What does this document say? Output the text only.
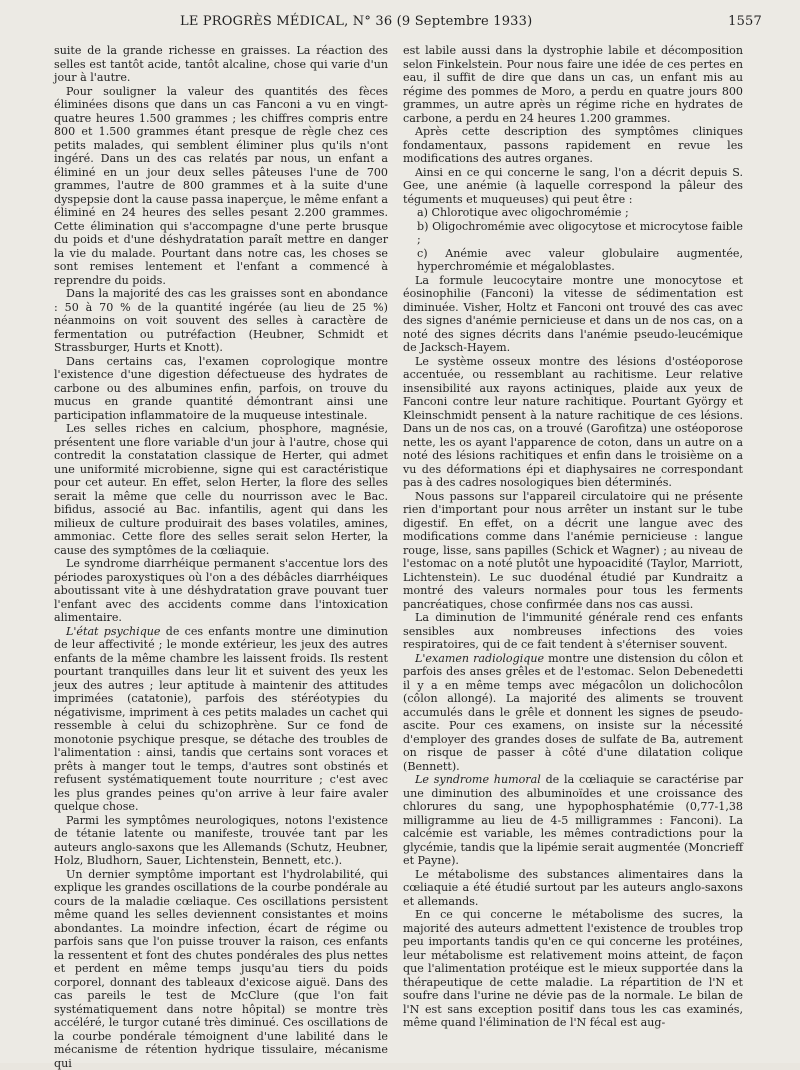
LE PROGRÈS MÉDICAL, N° 36 (9 Septembre 1933)	1557

suite de la grande richesse en graisses. La réaction des selles est tantôt acide, tantôt alcaline, chose qui varie d'un jour à l'autre.

Pour souligner la valeur des quantités des fèces éliminées disons que dans un cas Fanconi a vu en vingt-quatre heures 1.500 grammes ; les chiffres compris entre 800 et 1.500 grammes étant presque de règle chez ces petits malades, qui semblent éliminer plus qu'ils n'ont ingéré. Dans un des cas relatés par nous, un enfant a éliminé en un jour deux selles pâteuses l'une de 700 grammes, l'autre de 800 grammes et à la suite d'une dyspepsie dont la cause passa inaperçue, le même enfant a éliminé en 24 heures des selles pesant 2.200 grammes. Cette élimination qui s'accompagne d'une perte brusque du poids et d'une déshydratation paraît mettre en danger la vie du malade. Pourtant dans notre cas, les choses se sont remises lentement et l'enfant a commencé à reprendre du poids.

Dans la majorité des cas les graisses sont en abondance : 50 à 70 % de la quantité ingérée (au lieu de 25 %) néanmoins on voit souvent des selles à caractère de fermentation ou putréfaction (Heubner, Schmidt et Strassburger, Hurts et Knott).

Dans certains cas, l'examen coprologique montre l'existence d'une digestion défectueuse des hydrates de carbone ou des albumines enfin, parfois, on trouve du mucus en grande quantité démontrant ainsi une participation inflammatoire de la muqueuse intestinale.

Les selles riches en calcium, phosphore, magnésie, présentent une flore variable d'un jour à l'autre, chose qui contredit la constatation classique de Herter, qui admet une uniformité microbienne, signe qui est caractéristique pour cet auteur. En effet, selon Herter, la flore des selles serait la même que celle du nourrisson avec le Bac. bifidus, associé au Bac. infantilis, agent qui dans les milieux de culture produirait des bases volatiles, amines, ammoniac. Cette flore des selles serait selon Herter, la cause des symptômes de la cœliaquie.

Le syndrome diarrhéique permanent s'accentue lors des périodes paroxystiques où l'on a des débâcles diarrhéiques aboutissant vite à une déshydratation grave pouvant tuer l'enfant avec des accidents comme dans l'intoxication alimentaire.

L'état psychique de ces enfants montre une diminution de leur affectivité ; le monde extérieur, les jeux des autres enfants de la même chambre les laissent froids. Ils restent pourtant tranquilles dans leur lit et suivent des yeux les jeux des autres ; leur aptitude à maintenir des attitudes imprimées (catatonie), parfois des stéréotypies du négativisme, impriment à ces petits malades un cachet qui ressemble à celui du schizophrène. Sur ce fond de monotonie psychique presque, se détache des troubles de l'alimentation : ainsi, tandis que certains sont voraces et prêts à manger tout le temps, d'autres sont obstinés et refusent systématiquement toute nourriture ; c'est avec les plus grandes peines qu'on arrive à leur faire avaler quelque chose.

Parmi les symptômes neurologiques, notons l'existence de tétanie latente ou manifeste, trouvée tant par les auteurs anglo-saxons que les Allemands (Schutz, Heubner, Holz, Bludhorn, Sauer, Lichtenstein, Bennett, etc.).

Un dernier symptôme important est l'hydrolabilité, qui explique les grandes oscillations de la courbe pondérale au cours de la maladie cœliaque. Ces oscillations persistent même quand les selles deviennent consistantes et moins abondantes. La moindre infection, écart de régime ou parfois sans que l'on puisse trouver la raison, ces enfants la ressentent et font des chutes pondérales des plus nettes et perdent en même temps jusqu'au tiers du poids corporel, donnant des tableaux d'exicose aiguë. Dans des cas pareils le test de McClure (que l'on fait systématiquement dans notre hôpital) se montre très accéléré, le turgor cutané très diminué. Ces oscillations de la courbe pondérale témoignent d'une labilité dans le mécanisme de rétention hydrique tissulaire, mécanisme qui

est labile aussi dans la dystrophie labile et décomposition selon Finkelstein. Pour nous faire une idée de ces pertes en eau, il suffit de dire que dans un cas, un enfant mis au régime des pommes de Moro, a perdu en quatre jours 800 grammes, un autre après un régime riche en hydrates de carbone, a perdu en 24 heures 1.200 grammes.

Après cette description des symptômes cliniques fondamentaux, passons rapidement en revue les modifications des autres organes.

Ainsi en ce qui concerne le sang, l'on a décrit depuis S. Gee, une anémie (à laquelle correspond la pâleur des téguments et muqueuses) qui peut être :

a) Chlorotique avec oligochromémie ;

b) Oligochromémie avec oligocytose et microcytose faible ;

c) Anémie avec valeur globulaire augmentée, hyperchromémie et mégaloblastes.

La formule leucocytaire montre une monocytose et éosinophilie (Fanconi) la vitesse de sédimentation est diminuée. Visher, Holtz et Fanconi ont trouvé des cas avec des signes d'anémie pernicieuse et dans un de nos cas, on a noté des signes décrits dans l'anémie pseudo-leucémique de Jacksch-Hayem.

Le système osseux montre des lésions d'ostéoporose accentuée, ou ressemblant au rachitisme. Leur relative insensibilité aux rayons actiniques, plaide aux yeux de Fanconi contre leur nature rachitique. Pourtant György et Kleinschmidt pensent à la nature rachitique de ces lésions. Dans un de nos cas, on a trouvé (Garofitza) une ostéoporose nette, les os ayant l'apparence de coton, dans un autre on a noté des lésions rachitiques et enfin dans le troisième on a vu des déformations épi et diaphysaires ne correspondant pas à des cadres nosologiques bien déterminés.

Nous passons sur l'appareil circulatoire qui ne présente rien d'important pour nous arrêter un instant sur le tube digestif. En effet, on a décrit une langue avec des modifications comme dans l'anémie pernicieuse : langue rouge, lisse, sans papilles (Schick et Wagner) ; au niveau de l'estomac on a noté plutôt une hypoacidité (Taylor, Marriott, Lichtenstein). Le suc duodénal étudié par Kundraitz a montré des valeurs normales pour tous les ferments pancréatiques, chose confirmée dans nos cas aussi.

La diminution de l'immunité générale rend ces enfants sensibles aux nombreuses infections des voies respiratoires, qui de ce fait tendent à s'éterniser souvent.

L'examen radiologique montre une distension du côlon et parfois des anses grêles et de l'estomac. Selon Debenedetti il y a en même temps avec mégacôlon un dolichocôlon (côlon allongé). La majorité des aliments se trouvent accumulés dans le grêle et donnent les signes de pseudo-ascite. Pour ces examens, on insiste sur la nécessité d'employer des grandes doses de sulfate de Ba, autrement on risque de passer à côté d'une dilatation colique (Bennett).

Le syndrome humoral de la cœliaquie se caractérise par une diminution des albuminoïdes et une croissance des chlorures du sang, une hypophosphatémie (0,77-1,38 milligramme au lieu de 4-5 milligrammes : Fanconi). La calcémie est variable, les mêmes contradictions pour la glycémie, tandis que la lipémie serait augmentée (Moncrieff et Payne).

Le métabolisme des substances alimentaires dans la cœliaquie a été étudié surtout par les auteurs anglo-saxons et allemands.

En ce qui concerne le métabolisme des sucres, la majorité des auteurs admettent l'existence de troubles trop peu importants tandis qu'en ce qui concerne les protéines, leur métabolisme est relativement moins atteint, de façon que l'alimentation protéique est le mieux supportée dans la thérapeutique de cette maladie. La répartition de l'N et soufre dans l'urine ne dévie pas de la normale. Le bilan de l'N est sans exception positif dans tous les cas examinés, même quand l'élimination de l'N fécal est aug-
